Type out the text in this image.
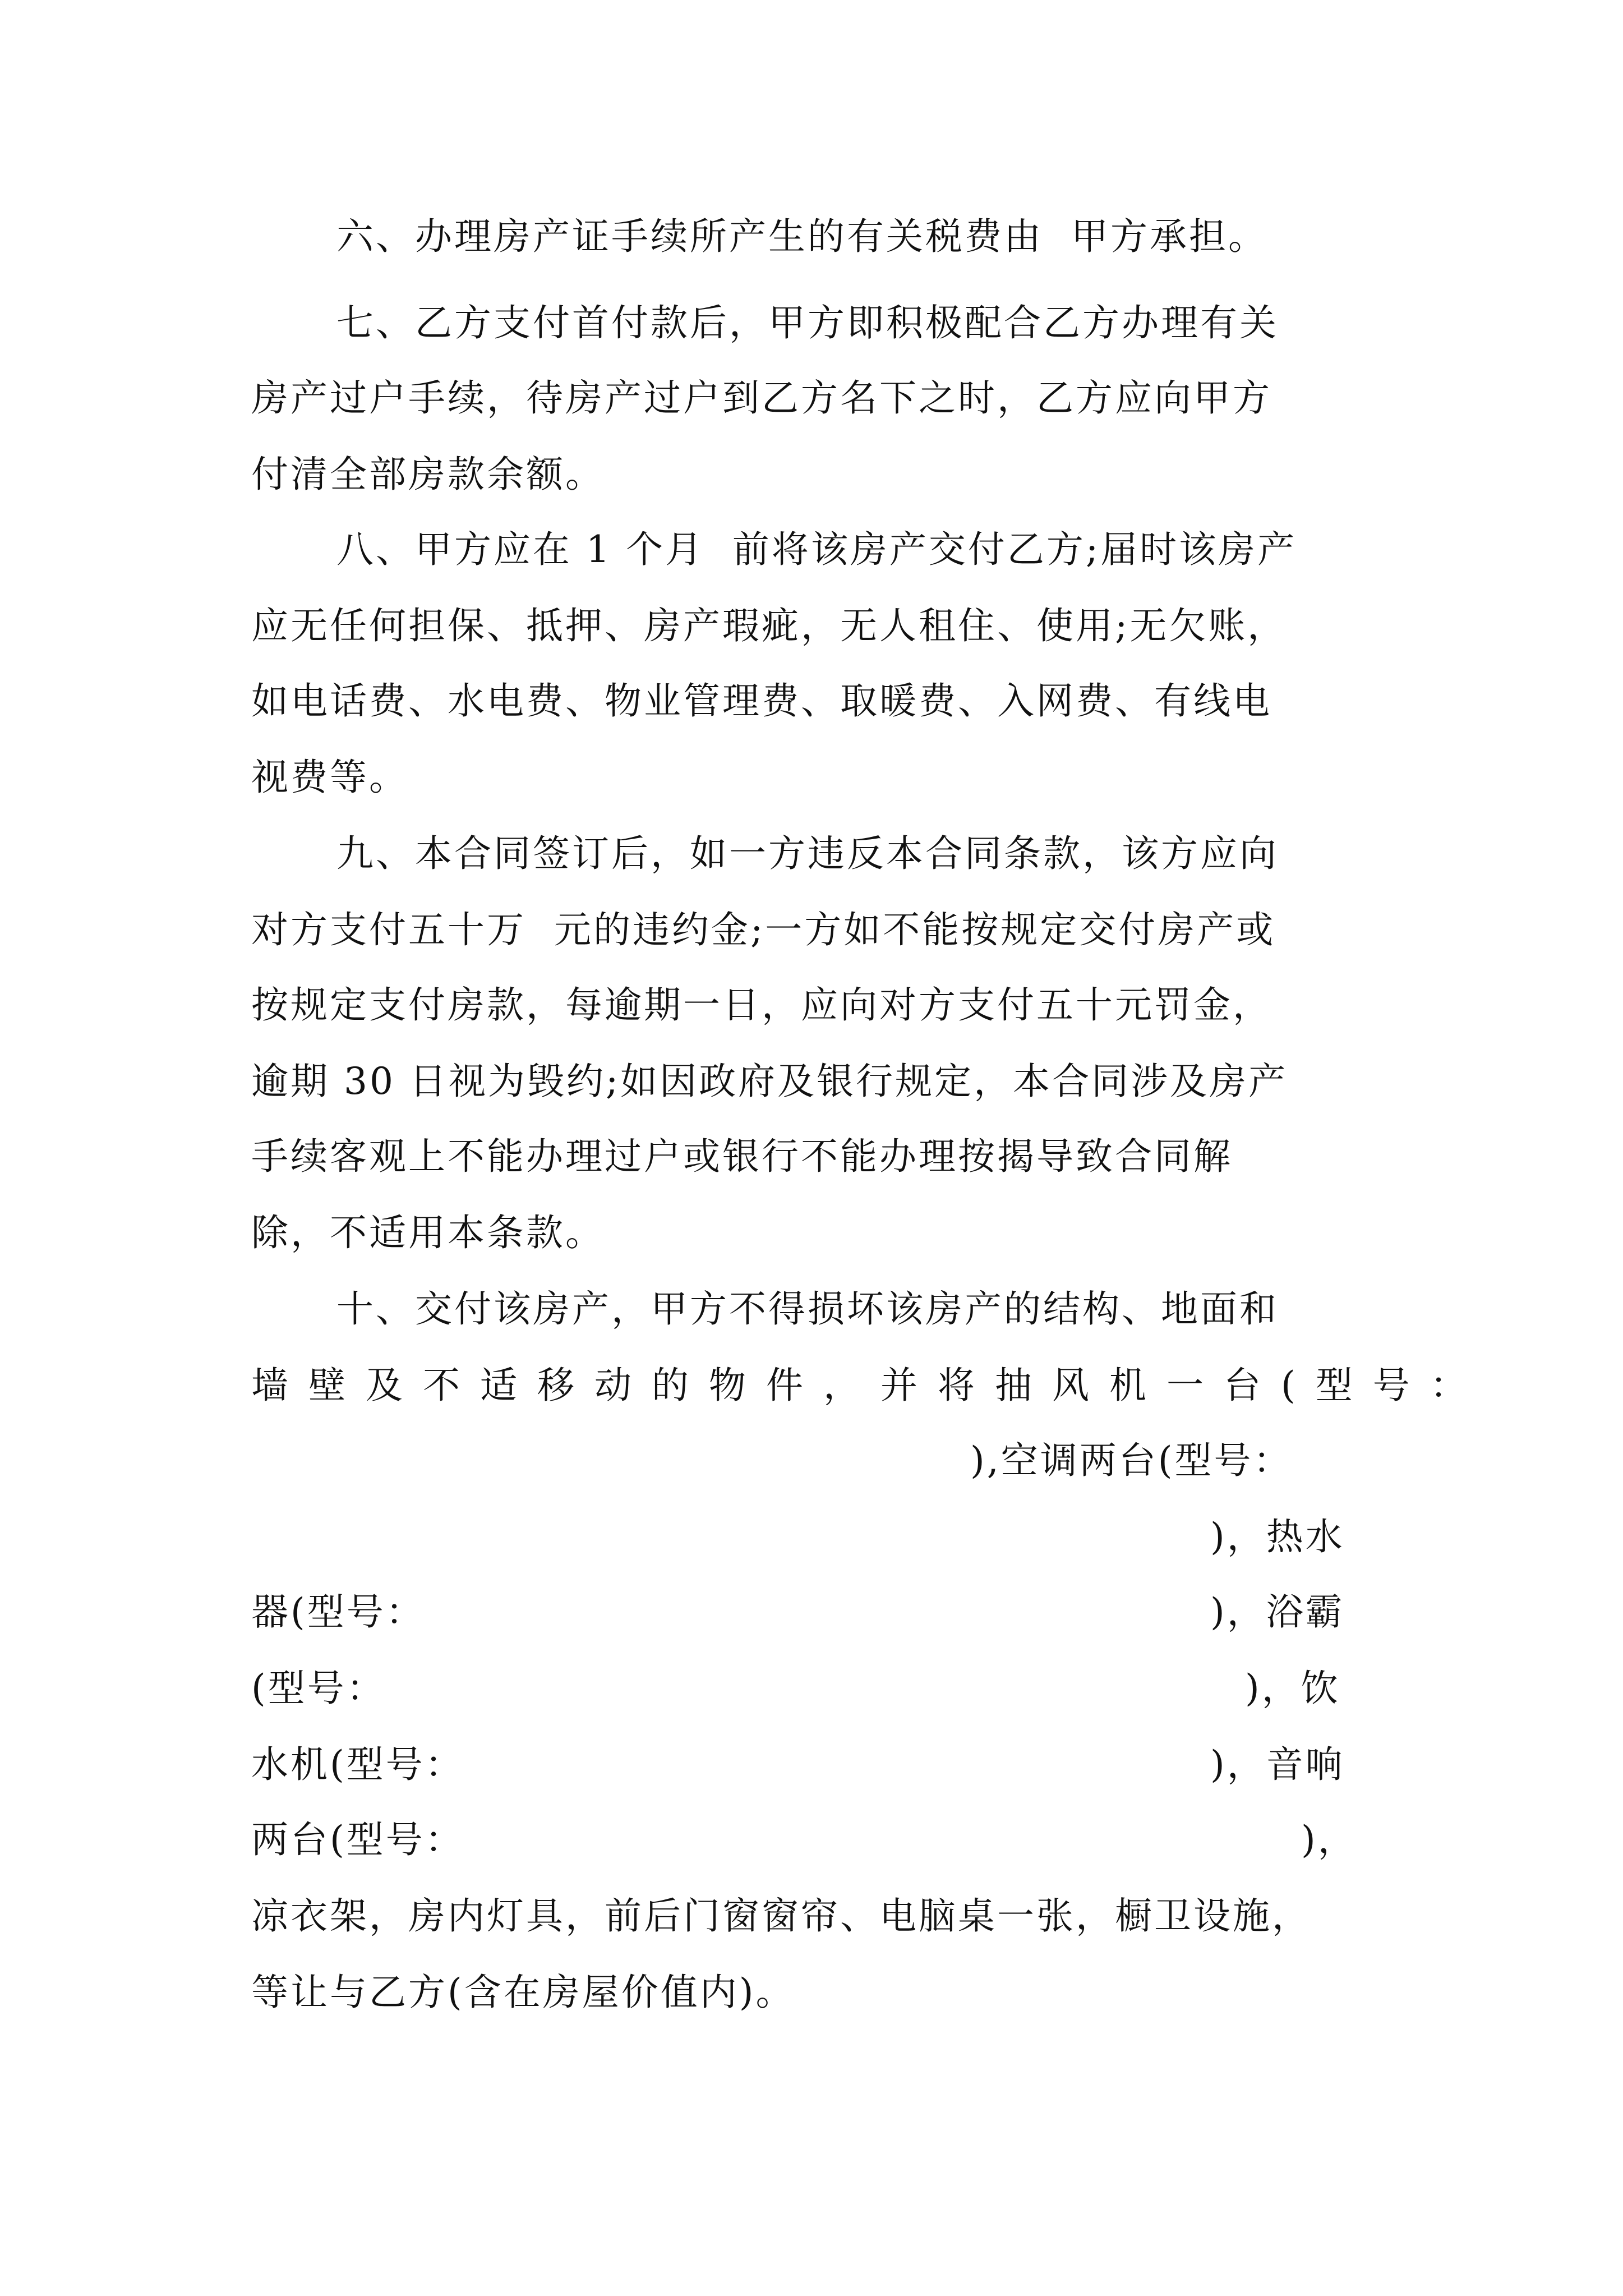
六、办理房产证手续所产生的有关税费由  甲方承担。
七、乙方支付首付款后，甲方即积极配合乙方办理有关
房产过户手续，待房产过户到乙方名下之时，乙方应向甲方
付清全部房款余额。
八、甲方应在 1 个月  前将该房产交付乙方;届时该房产
应无任何担保、抵押、房产瑕疵，无人租住、使用;无欠账，
如电话费、水电费、物业管理费、取暖费、入网费、有线电
视费等。
九、本合同签订后，如一方违反本合同条款，该方应向
对方支付五十万  元的违约金;一方如不能按规定交付房产或
按规定支付房款，每逾期一日，应向对方支付五十元罚金，
逾期 30 日视为毁约;如因政府及银行规定，本合同涉及房产
手续客观上不能办理过户或银行不能办理按揭导致合同解
除，不适用本条款。
十、交付该房产，甲方不得损坏该房产的结构、地面和
墙壁及不适移动的物件，并将抽风机一台(型号：
),空调两台(型号：
)，热水
器(型号：	)，浴霸
(型号：	)，饮
水机(型号：	)，音响
两台(型号：	)，
凉衣架，房内灯具，前后门窗窗帘、电脑桌一张，橱卫设施，
等让与乙方(含在房屋价值内)。
